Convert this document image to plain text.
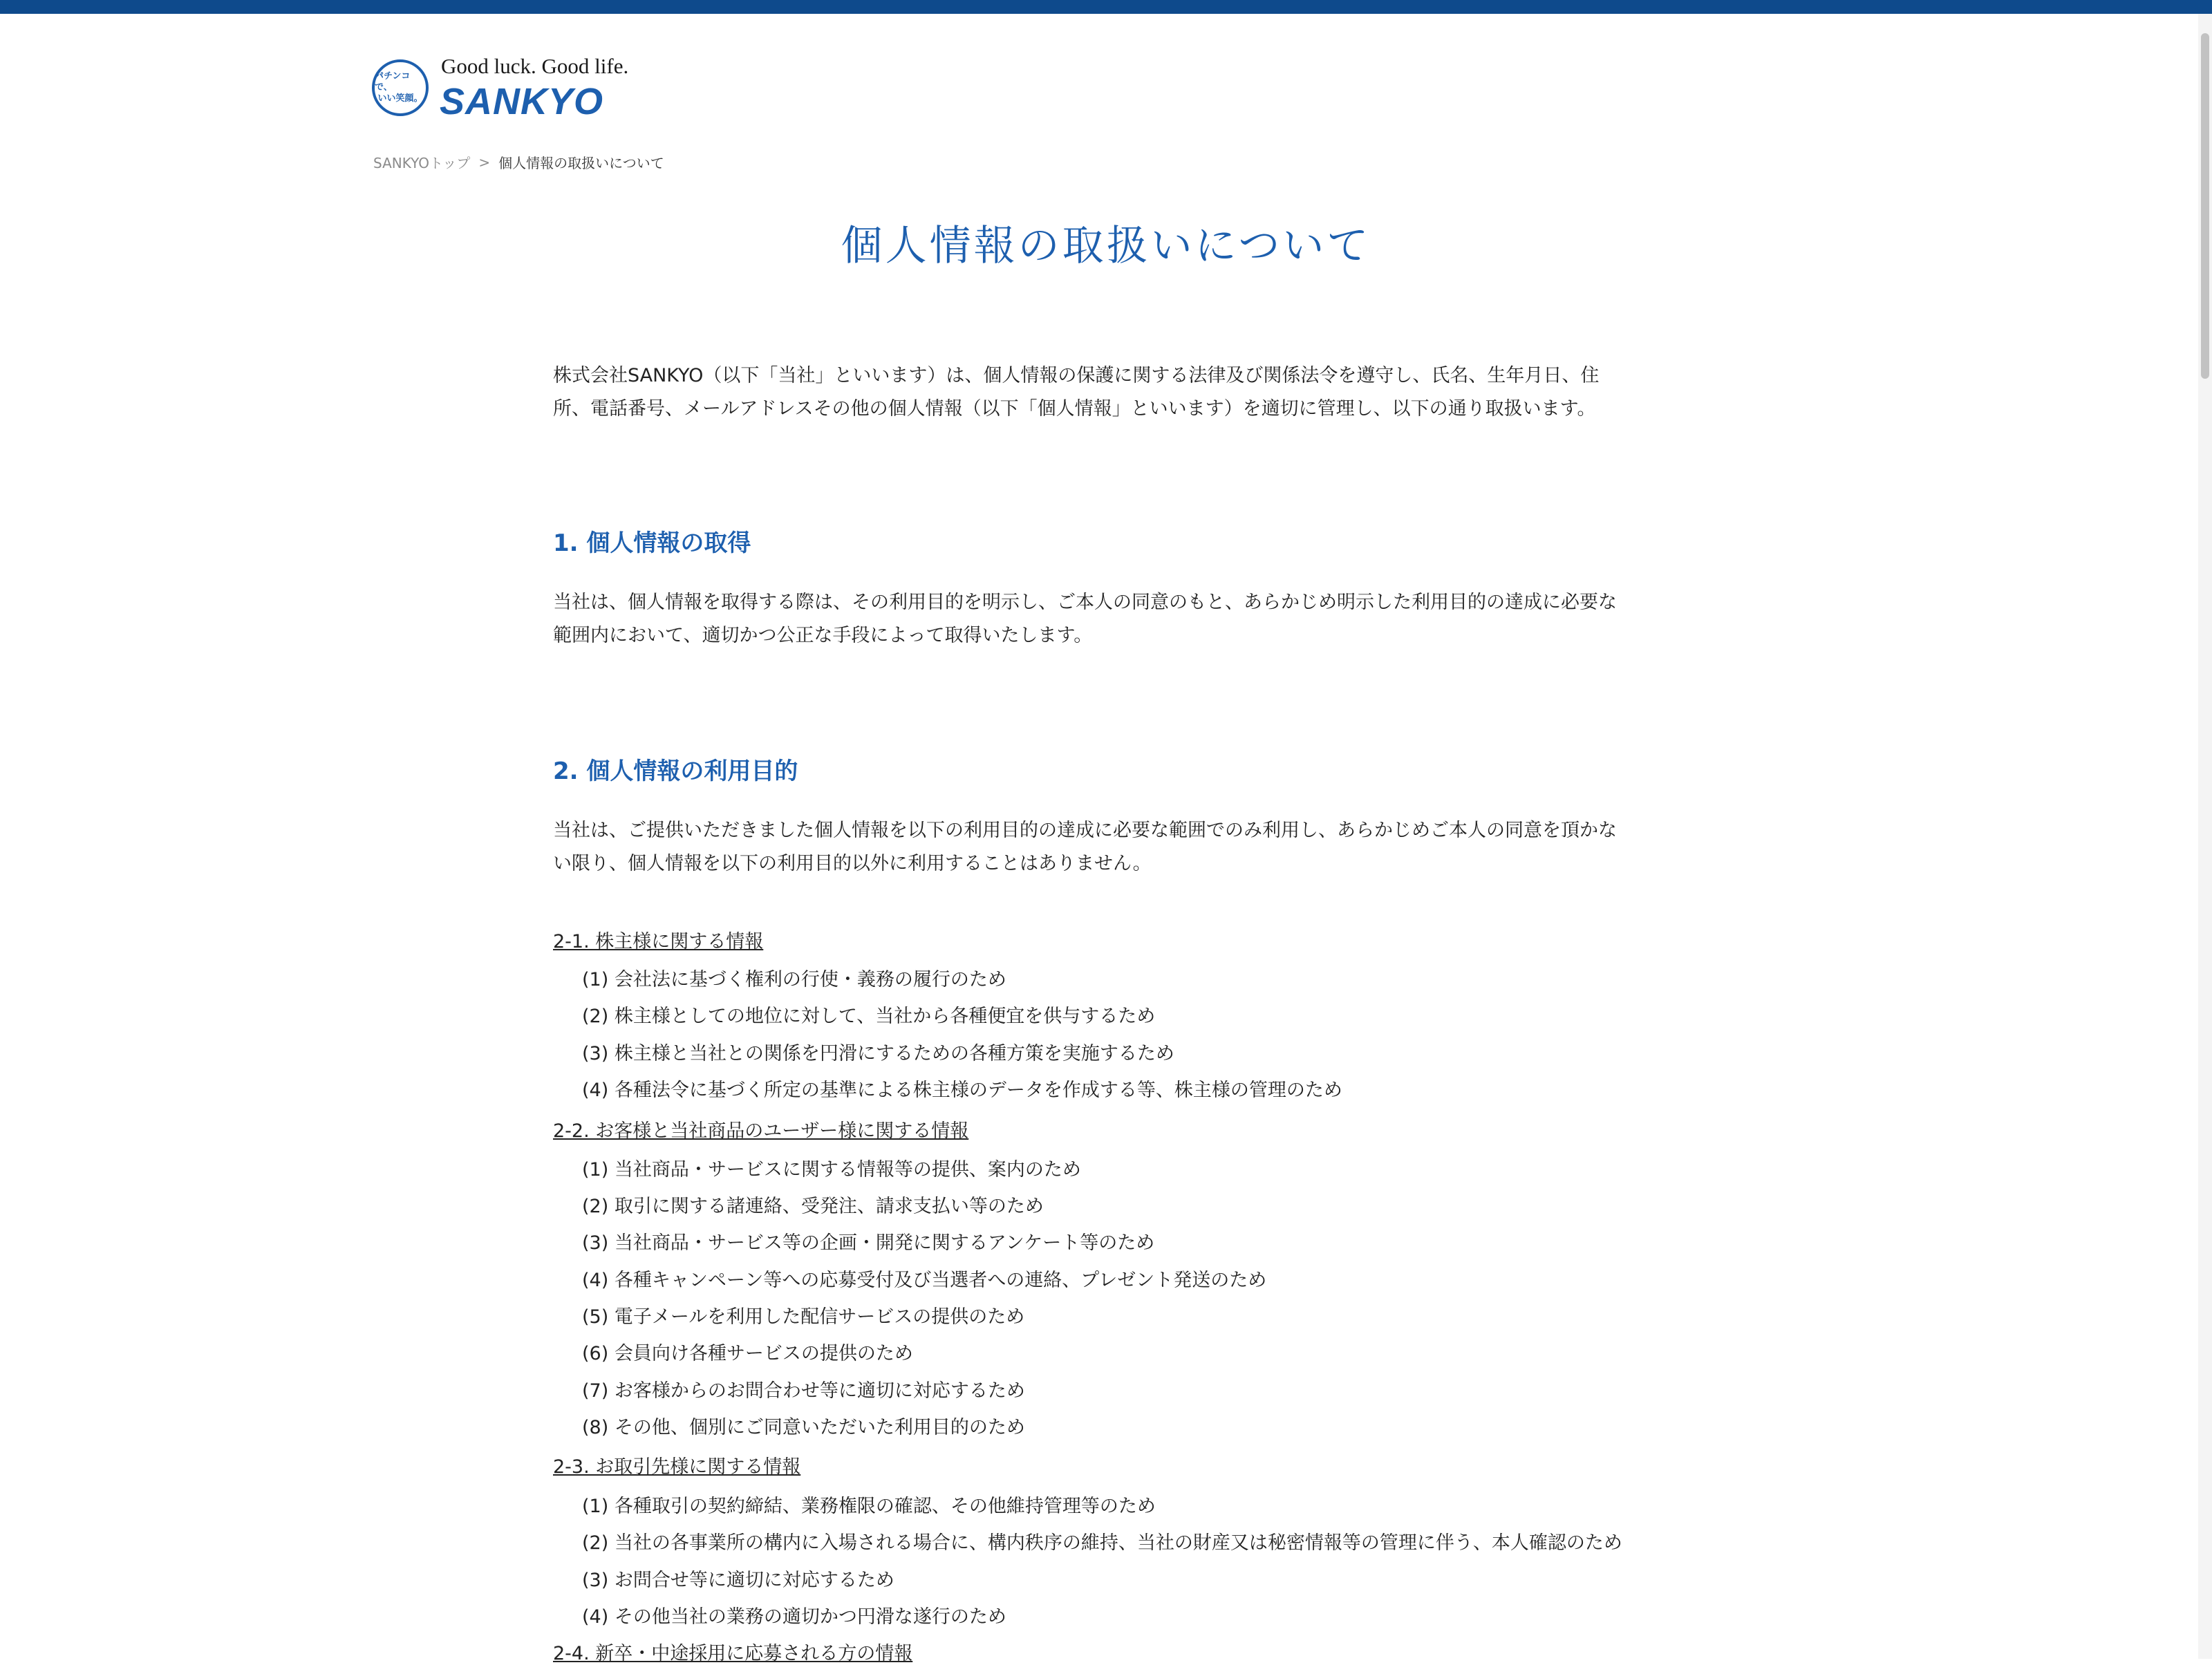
パチンコで、
いい笑顔。
Good luck. Good life.
SANKYO
SANKYOトップ > 個人情報の取扱いについて
個人情報の取扱いについて

株式会社SANKYO（以下「当社」といいます）は、個人情報の保護に関する法律及び関係法令を遵守し、氏名、生年月日、住

所、電話番号、メールアドレスその他の個人情報（以下「個人情報」といいます）を適切に管理し、以下の通り取扱います。

1. 個人情報の取得

当社は、個人情報を取得する際は、その利用目的を明示し、ご本人の同意のもと、あらかじめ明示した利用目的の達成に必要な

範囲内において、適切かつ公正な手段によって取得いたします。

2. 個人情報の利用目的

当社は、ご提供いただきました個人情報を以下の利用目的の達成に必要な範囲でのみ利用し、あらかじめご本人の同意を頂かな

い限り、個人情報を以下の利用目的以外に利用することはありません。

2-1. 株主様に関する情報

(1) 会社法に基づく権利の行使・義務の履行のため

(2) 株主様としての地位に対して、当社から各種便宜を供与するため

(3) 株主様と当社との関係を円滑にするための各種方策を実施するため

(4) 各種法令に基づく所定の基準による株主様のデータを作成する等、株主様の管理のため

2-2. お客様と当社商品のユーザー様に関する情報

(1) 当社商品・サービスに関する情報等の提供、案内のため

(2) 取引に関する諸連絡、受発注、請求支払い等のため

(3) 当社商品・サービス等の企画・開発に関するアンケート等のため

(4) 各種キャンペーン等への応募受付及び当選者への連絡、プレゼント発送のため

(5) 電子メールを利用した配信サービスの提供のため

(6) 会員向け各種サービスの提供のため

(7) お客様からのお問合わせ等に適切に対応するため

(8) その他、個別にご同意いただいた利用目的のため

2-3. お取引先様に関する情報

(1) 各種取引の契約締結、業務権限の確認、その他維持管理等のため

(2) 当社の各事業所の構内に入場される場合に、構内秩序の維持、当社の財産又は秘密情報等の管理に伴う、本人確認のため

(3) お問合せ等に適切に対応するため

(4) その他当社の業務の適切かつ円滑な遂行のため

2-4. 新卒・中途採用に応募される方の情報
